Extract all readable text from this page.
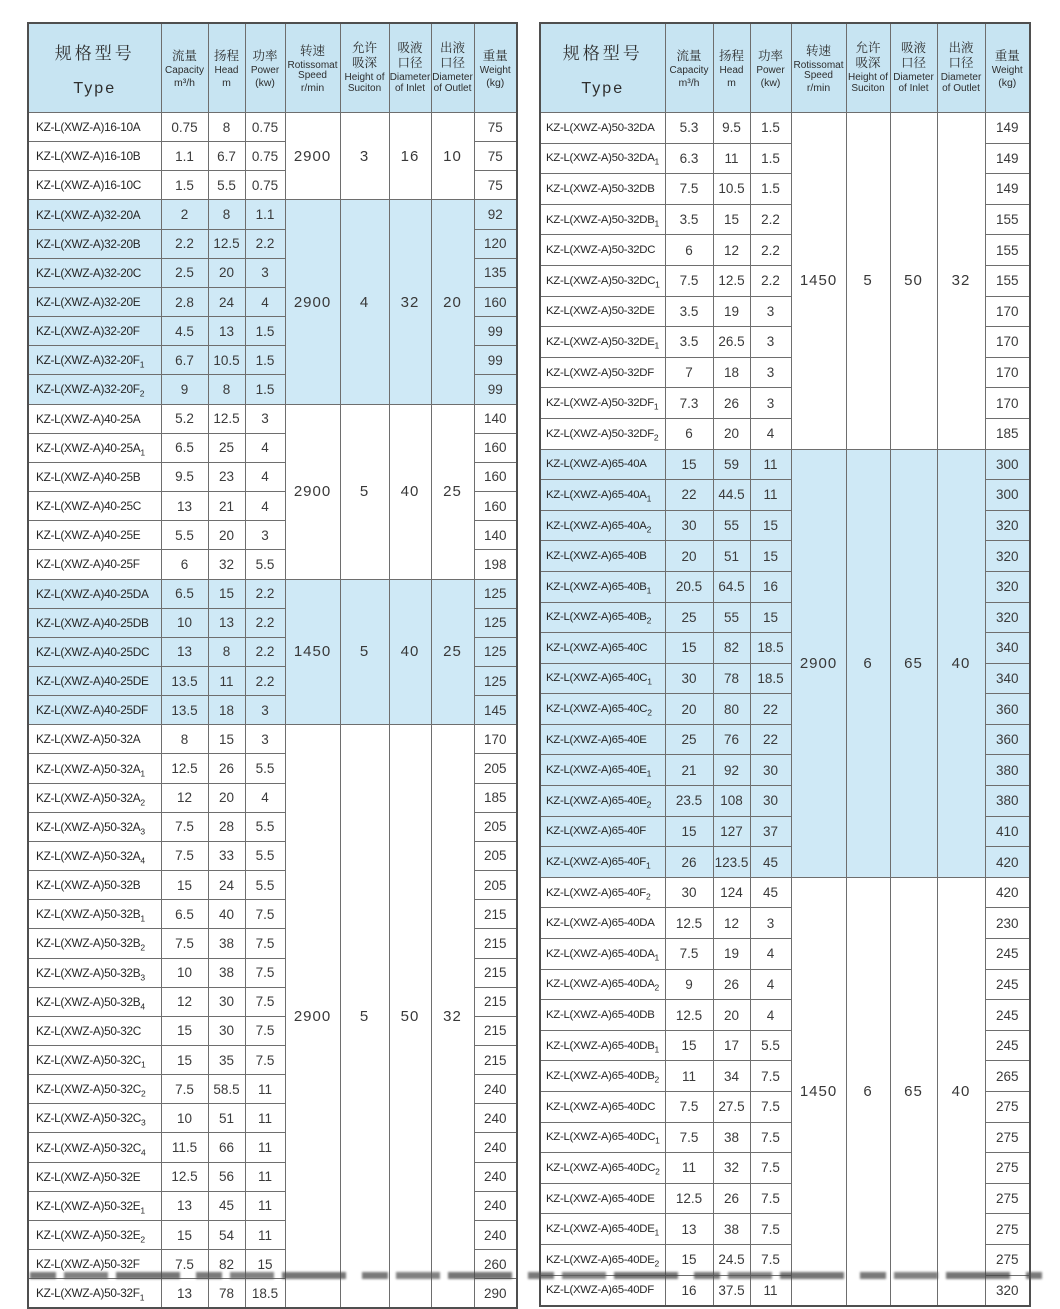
规格型号
Type
	流量
Capacity
m³/h
	扬程
Head
m
	功率
Power
(kw)
	转速
Rotissomat Speed
r/min
	允许吸深
Height of Suciton
	吸液口径
Diameter of Inlet
	出液口径
Diameter of Outlet
	重量
Weight
(kg)

KZ-L(XWZ-A)16-10A	0.75	8	0.75	2900	3	16	10	75
KZ-L(XWZ-A)16-10B	1.1	6.7	0.75					75
KZ-L(XWZ-A)16-10C	1.5	5.5	0.75					75
KZ-L(XWZ-A)32-20A	2	8	1.1	2900	4	32	20	92
KZ-L(XWZ-A)32-20B	2.2	12.5	2.2					120
KZ-L(XWZ-A)32-20C	2.5	20	3					135
KZ-L(XWZ-A)32-20E	2.8	24	4					160
KZ-L(XWZ-A)32-20F	4.5	13	1.5					99
$KZ-L(XWZ-A)32-20F_1$	6.7	10.5	1.5					99
$KZ-L(XWZ-A)32-20F_2$	9	8	1.5					99
KZ-L(XWZ-A)40-25A	5.2	12.5	3	2900	5	40	25	140
$KZ-L(XWZ-A)40-25A_1$	6.5	25	4					160
KZ-L(XWZ-A)40-25B	9.5	23	4					160
KZ-L(XWZ-A)40-25C	13	21	4					160
KZ-L(XWZ-A)40-25E	5.5	20	3					140
KZ-L(XWZ-A)40-25F	6	32	5.5					198
KZ-L(XWZ-A)40-25DA	6.5	15	2.2	1450	5	40	25	125
KZ-L(XWZ-A)40-25DB	10	13	2.2					125
KZ-L(XWZ-A)40-25DC	13	8	2.2					125
KZ-L(XWZ-A)40-25DE	13.5	11	2.2					125
KZ-L(XWZ-A)40-25DF	13.5	18	3					145
KZ-L(XWZ-A)50-32A	8	15	3	2900	5	50	32	170
$KZ-L(XWZ-A)50-32A_1$	12.5	26	5.5					205
$KZ-L(XWZ-A)50-32A_2$	12	20	4					185
$KZ-L(XWZ-A)50-32A_3$	7.5	28	5.5					205
$KZ-L(XWZ-A)50-32A_4$	7.5	33	5.5					205
KZ-L(XWZ-A)50-32B	15	24	5.5					205
$KZ-L(XWZ-A)50-32B_1$	6.5	40	7.5					215
$KZ-L(XWZ-A)50-32B_2$	7.5	38	7.5					215
$KZ-L(XWZ-A)50-32B_3$	10	38	7.5					215
$KZ-L(XWZ-A)50-32B_4$	12	30	7.5					215
KZ-L(XWZ-A)50-32C	15	30	7.5					215
$KZ-L(XWZ-A)50-32C_1$	15	35	7.5					215
$KZ-L(XWZ-A)50-32C_2$	7.5	58.5	11					240
$KZ-L(XWZ-A)50-32C_3$	10	51	11					240
$KZ-L(XWZ-A)50-32C_4$	11.5	66	11					240
KZ-L(XWZ-A)50-32E	12.5	56	11					240
$KZ-L(XWZ-A)50-32E_1$	13	45	11					240
$KZ-L(XWZ-A)50-32E_2$	15	54	11					240
KZ-L(XWZ-A)50-32F	7.5	82	15					260
$KZ-L(XWZ-A)50-32F_1$	13	78	18.5					290
规格型号
Type
	流量
Capacity
m³/h
	扬程
Head
m
	功率
Power
(kw)
	转速
Rotissomat Speed
r/min
	允许吸深
Height of Suciton
	吸液口径
Diameter of Inlet
	出液口径
Diameter of Outlet
	重量
Weight
(kg)

KZ-L(XWZ-A)50-32DA	5.3	9.5	1.5	1450	5	50	32	149
$KZ-L(XWZ-A)50-32DA_1$	6.3	11	1.5					149
KZ-L(XWZ-A)50-32DB	7.5	10.5	1.5					149
$KZ-L(XWZ-A)50-32DB_1$	3.5	15	2.2					155
KZ-L(XWZ-A)50-32DC	6	12	2.2					155
$KZ-L(XWZ-A)50-32DC_1$	7.5	12.5	2.2					155
KZ-L(XWZ-A)50-32DE	3.5	19	3					170
$KZ-L(XWZ-A)50-32DE_1$	3.5	26.5	3					170
KZ-L(XWZ-A)50-32DF	7	18	3					170
$KZ-L(XWZ-A)50-32DF_1$	7.3	26	3					170
$KZ-L(XWZ-A)50-32DF_2$	6	20	4					185
KZ-L(XWZ-A)65-40A	15	59	11	2900	6	65	40	300
$KZ-L(XWZ-A)65-40A_1$	22	44.5	11					300
$KZ-L(XWZ-A)65-40A_2$	30	55	15					320
KZ-L(XWZ-A)65-40B	20	51	15					320
$KZ-L(XWZ-A)65-40B_1$	20.5	64.5	16					320
$KZ-L(XWZ-A)65-40B_2$	25	55	15					320
KZ-L(XWZ-A)65-40C	15	82	18.5					340
$KZ-L(XWZ-A)65-40C_1$	30	78	18.5					340
$KZ-L(XWZ-A)65-40C_2$	20	80	22					360
KZ-L(XWZ-A)65-40E	25	76	22					360
$KZ-L(XWZ-A)65-40E_1$	21	92	30					380
$KZ-L(XWZ-A)65-40E_2$	23.5	108	30					380
KZ-L(XWZ-A)65-40F	15	127	37					410
$KZ-L(XWZ-A)65-40F_1$	26	123.5	45					420
$KZ-L(XWZ-A)65-40F_2$	30	124	45	1450	6	65	40	420
KZ-L(XWZ-A)65-40DA	12.5	12	3					230
$KZ-L(XWZ-A)65-40DA_1$	7.5	19	4					245
$KZ-L(XWZ-A)65-40DA_2$	9	26	4					245
KZ-L(XWZ-A)65-40DB	12.5	20	4					245
$KZ-L(XWZ-A)65-40DB_1$	15	17	5.5					245
$KZ-L(XWZ-A)65-40DB_2$	11	34	7.5					265
KZ-L(XWZ-A)65-40DC	7.5	27.5	7.5					275
$KZ-L(XWZ-A)65-40DC_1$	7.5	38	7.5					275
$KZ-L(XWZ-A)65-40DC_2$	11	32	7.5					275
KZ-L(XWZ-A)65-40DE	12.5	26	7.5					275
$KZ-L(XWZ-A)65-40DE_1$	13	38	7.5					275
$KZ-L(XWZ-A)65-40DE_2$	15	24.5	7.5					275
KZ-L(XWZ-A)65-40DF	16	37.5	11					320
